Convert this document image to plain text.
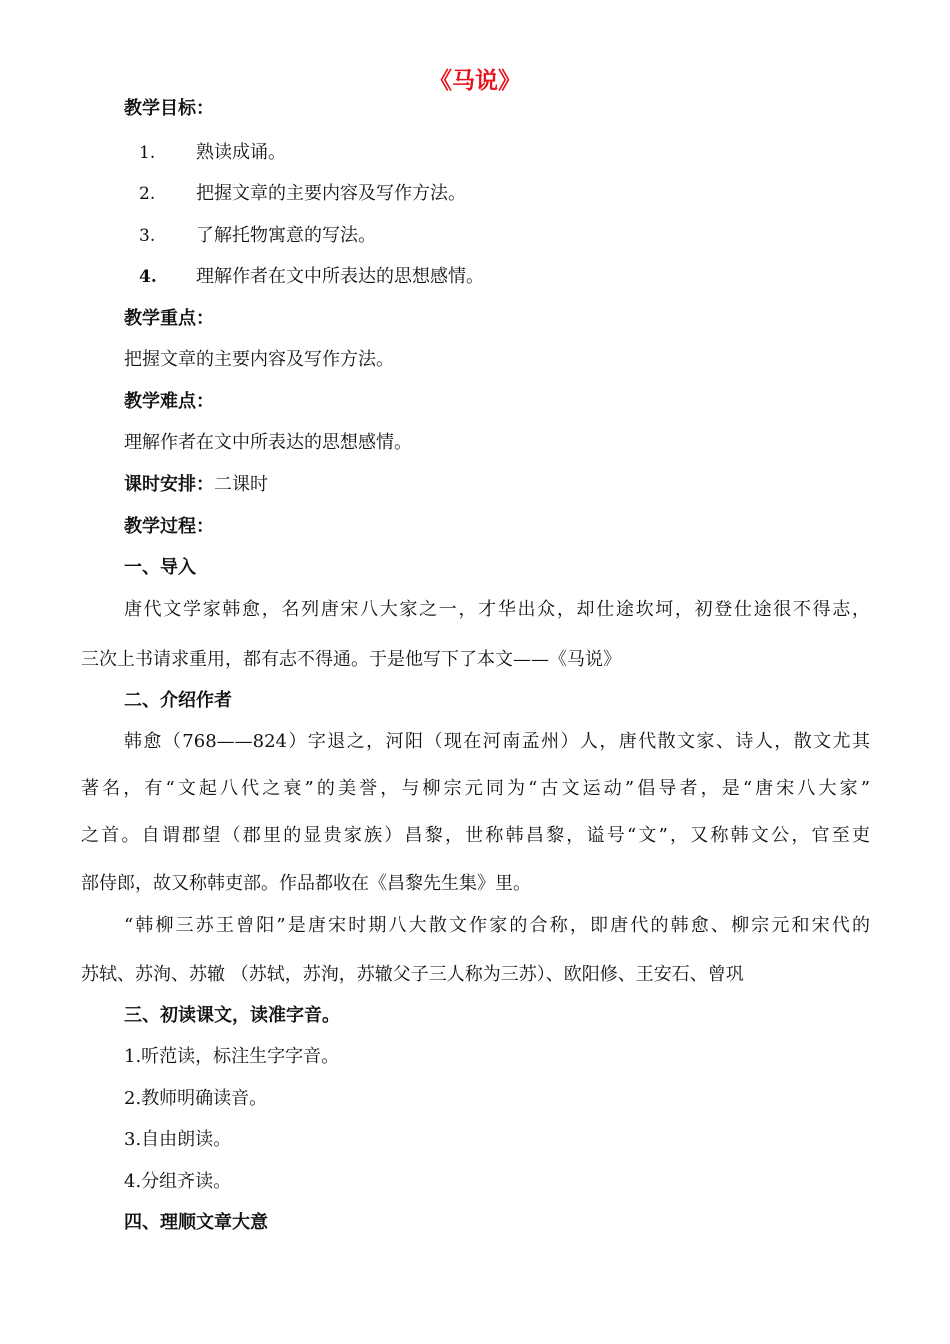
《马说》
教学目标：
1. 熟读成诵。
2. 把握文章的主要内容及写作方法。
3. 了解托物寓意的写法。
4. 理解作者在文中所表达的思想感情。
教学重点：
把握文章的主要内容及写作方法。
教学难点：
理解作者在文中所表达的思想感情。
课时安排：二课时
教学过程：
一、导入
唐代文学家韩愈，名列唐宋八大家之一，才华出众，却仕途坎坷，初登仕途很不得志，
三次上书请求重用，都有志不得通。于是他写下了本文——《马说》
二、介绍作者
韩愈（768——824）字退之，河阳（现在河南孟州）人，唐代散文家、诗人，散文尤其
著名，有“文起八代之衰”的美誉，与柳宗元同为“古文运动”倡导者，是“唐宋八大家”
之首。自谓郡望（郡里的显贵家族）昌黎，世称韩昌黎，谥号“文”，又称韩文公，官至吏
部侍郎，故又称韩吏部。作品都收在《昌黎先生集》里。
“韩柳三苏王曾阳”是唐宋时期八大散文作家的合称，即唐代的韩愈、柳宗元和宋代的
苏轼、苏洵、苏辙 （苏轼，苏洵，苏辙父子三人称为三苏）、欧阳修、王安石、曾巩
三、初读课文，读准字音。
1.听范读，标注生字字音。
2.教师明确读音。
3.自由朗读。
4.分组齐读。
四、理顺文章大意
